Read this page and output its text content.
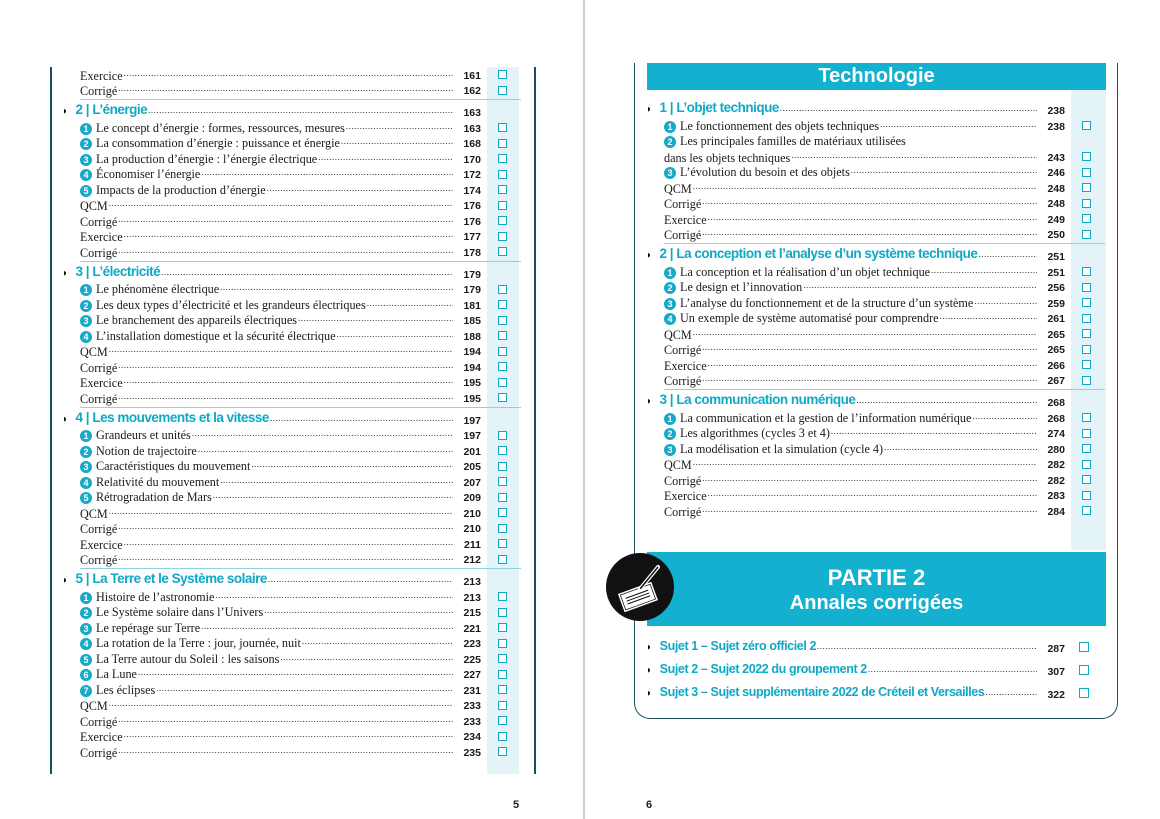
Technologie
Exercice .....	161
Corrigé .....	162
◗ 2 | L’énergie .....	163
1 Le concept d’énergie : formes, ressources, mesures .....	163
2 La consommation d’énergie : puissance et énergie .....	168
3 La production d’énergie : l’énergie électrique .....	170
4 Économiser l’énergie .....	172
5 Impacts de la production d’énergie .....	174
QCM .....	176
Corrigé .....	176
Exercice .....	177
Corrigé .....	178
◗ 3 | L’électricité .....	179
1 Le phénomène électrique .....	179
2 Les deux types d’électricité et les grandeurs électriques .....	181
3 Le branchement des appareils électriques .....	185
4 L’installation domestique et la sécurité électrique .....	188
QCM .....	194
Corrigé .....	194
Exercice .....	195
Corrigé .....	195
◗ 4 | Les mouvements et la vitesse .....	197
1 Grandeurs et unités .....	197
2 Notion de trajectoire .....	201
3 Caractéristiques du mouvement .....	205
4 Relativité du mouvement .....	207
5 Rétrogradation de Mars .....	209
QCM .....	210
Corrigé .....	210
Exercice .....	211
Corrigé .....	212
◗ 5 | La Terre et le Système solaire .....	213
1 Histoire de l’astronomie .....	213
2 Le Système solaire dans l’Univers .....	215
3 Le repérage sur Terre .....	221
4 La rotation de la Terre : jour, journée, nuit .....	223
5 La Terre autour du Soleil : les saisons .....	225
6 La Lune .....	227
7 Les éclipses .....	231
QCM .....	233
Corrigé .....	233
Exercice .....	234
Corrigé .....	235
◗ 1 | L’objet technique .....	238
1 Le fonctionnement des objets techniques .....	238
2 Les principales familles de matériaux utilisées
dans les objets techniques .....	243
3 L’évolution du besoin et des objets .....	246
QCM .....	248
Corrigé .....	248
Exercice .....	249
Corrigé .....	250
◗ 2 | La conception et l’analyse d’un système technique .....	251
1 La conception et la réalisation d’un objet technique .....	251
2 Le design et l’innovation .....	256
3 L’analyse du fonctionnement et de la structure d’un système .....	259
4 Un exemple de système automatisé pour comprendre .....	261
QCM .....	265
Corrigé .....	265
Exercice .....	266
Corrigé .....	267
◗ 3 | La communication numérique .....	268
1 La communication et la gestion de l’information numérique .....	268
2 Les algorithmes (cycles 3 et 4) .....	274
3 La modélisation et la simulation (cycle 4) .....	280
QCM .....	282
Corrigé .....	282
Exercice .....	283
Corrigé .....	284
PARTIE 2
Annales corrigées
◗ Sujet 1 – Sujet zéro officiel 2 .....	287
◗ Sujet 2 – Sujet 2022 du groupement 2 .....	307
◗ Sujet 3 – Sujet supplémentaire 2022 de Créteil et Versailles .....	322
5	6
